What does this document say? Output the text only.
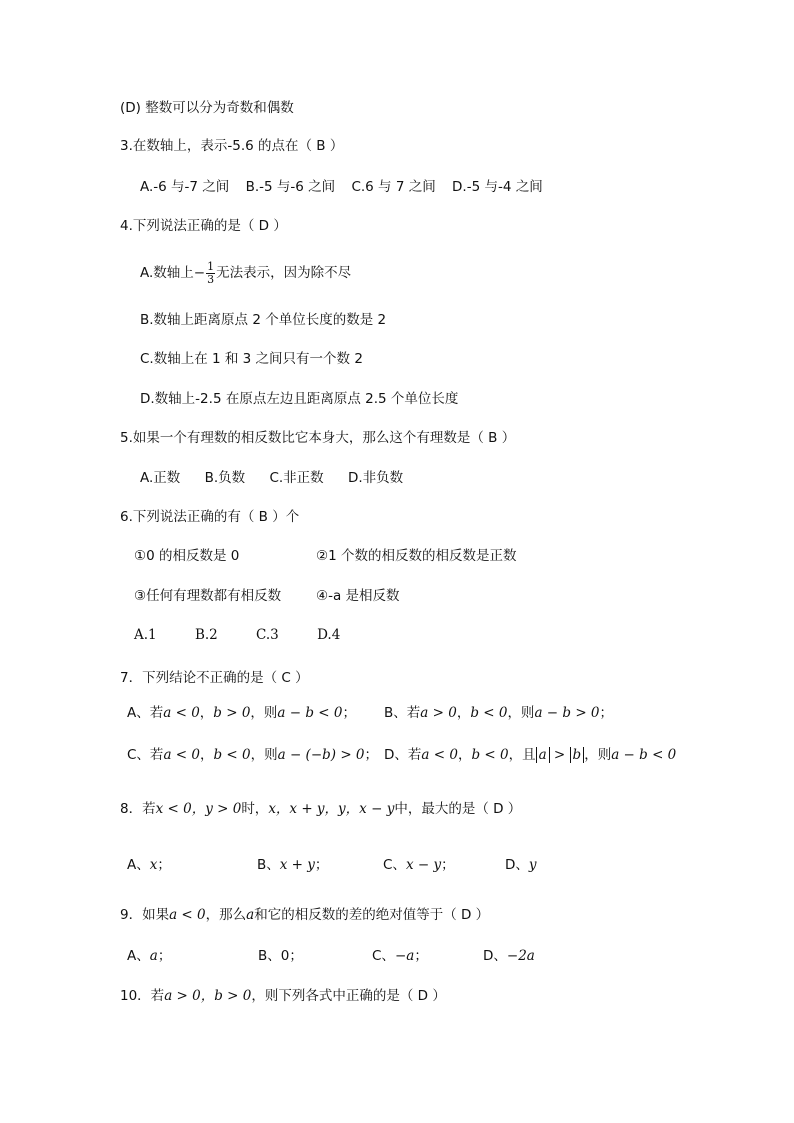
(D) 整数可以分为奇数和偶数
3.在数轴上，表示-5.6 的点在（ B ）
A.-6 与-7 之间 B.-5 与-6 之间 C.6 与 7 之间 D.-5 与-4 之间
4.下列说法正确的是（ D ）
A.数轴上− $\frac{1}{3}$ 无法表示，因为除不尽
B.数轴上距离原点 2 个单位长度的数是 2
C.数轴上在 1 和 3 之间只有一个数 2
D.数轴上-2.5 在原点左边且距离原点 2.5 个单位长度
5.如果一个有理数的相反数比它本身大，那么这个有理数是（ B ）
A.正数 B.负数 C.非正数 D.非负数
6.下列说法正确的有（ B ）个
①0 的相反数是 0	②1 个数的相反数的相反数是正数
③任何有理数都有相反数	④-a 是相反数
A.1	B.2	C.3	D.4
7．下列结论不正确的是（ C ）
A、若a < 0，b > 0，则a − b < 0； B、若a > 0，b < 0，则a − b > 0；
C、若a < 0，b < 0，则a − (−b) > 0； D、若a < 0，b < 0，且 a > b ，则a − b < 0
8．若x < 0，y > 0时，x，x + y，y，x − y中，最大的是（ D ）
A、x；	B、x + y；	C、x − y；	D、y
9．如果a < 0，那么a和它的相反数的差的绝对值等于（ D ）
A、a；	B、0；	C、−a；	D、−2a
10．若a > 0，b > 0，则下列各式中正确的是（ D ）
